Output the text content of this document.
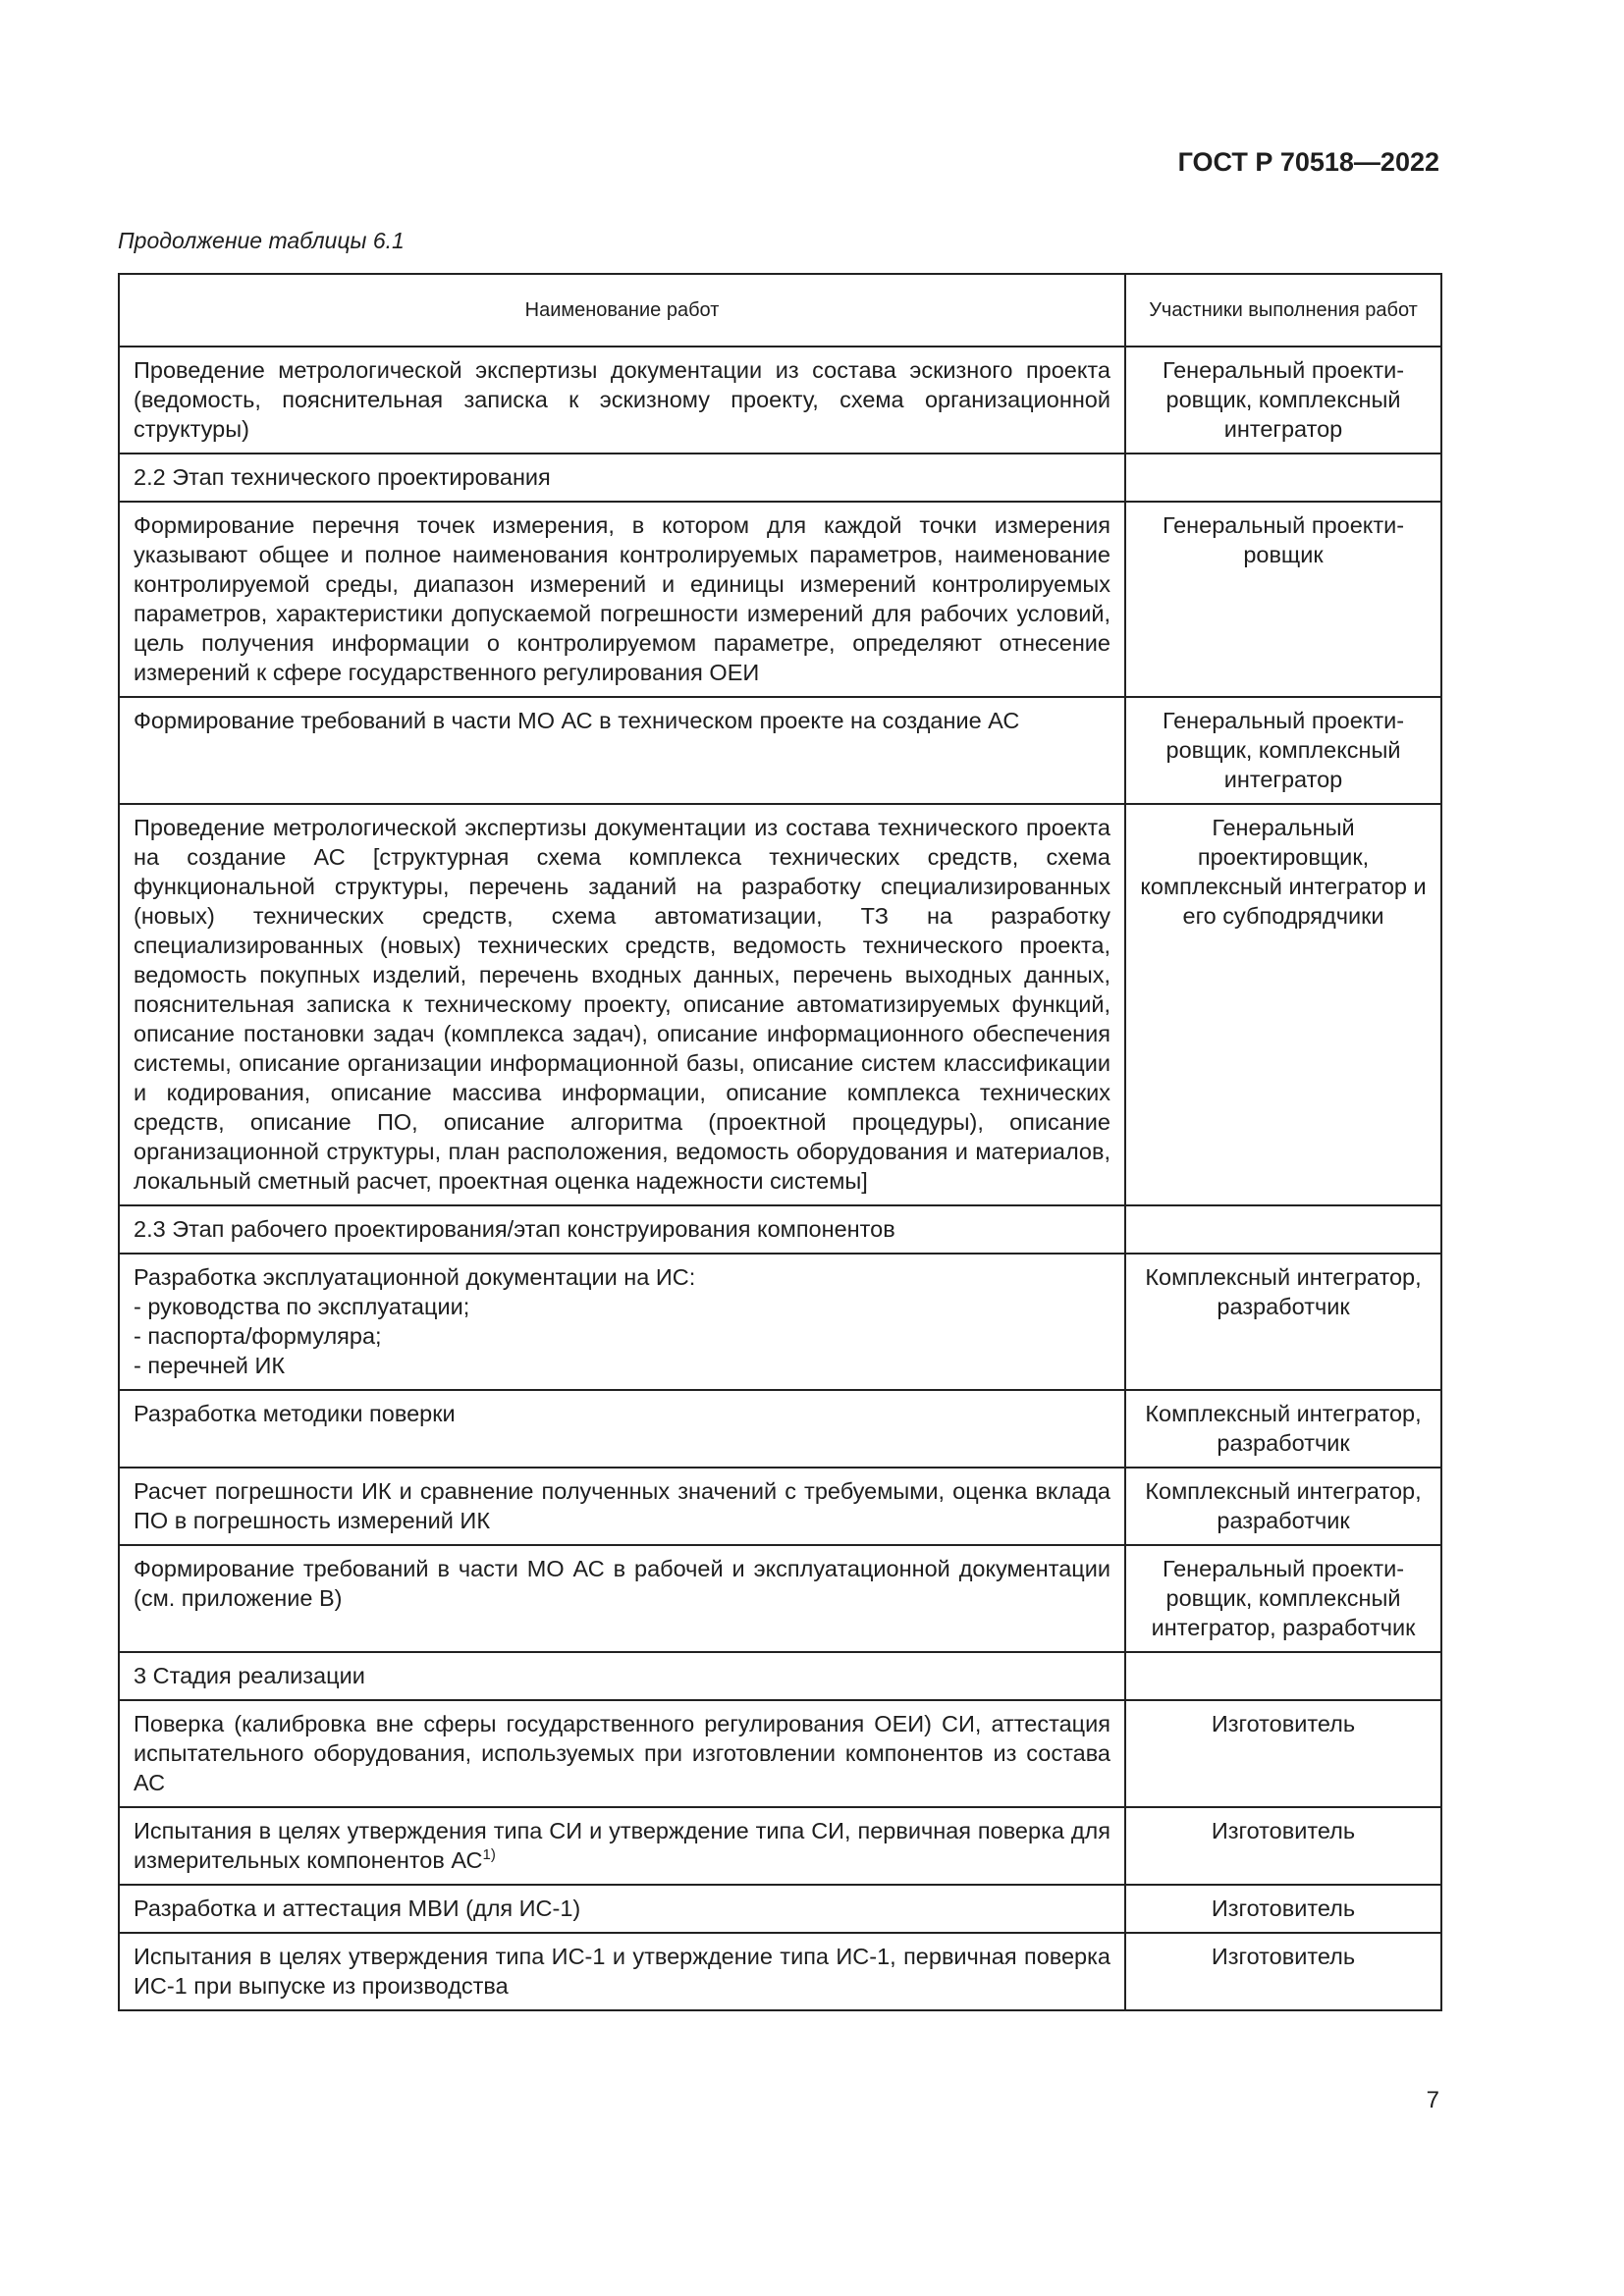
ГОСТ Р 70518—2022
Продолжение таблицы 6.1
Наименование работ	Участники выполнения работ
Проведение метрологической экспертизы документации из состава эскизного проекта (ведомость, пояснительная записка к эскизному проекту, схема организационной структуры)	Генеральный проекти-ровщик, комплексный интегратор
2.2 Этап технического проектирования	
Формирование перечня точек измерения, в котором для каждой точки измерения указывают общее и полное наименования контролируемых параметров, наименование контролируемой среды, диапазон измерений и единицы измерений контролируемых параметров, характеристики допускаемой погрешности измерений для рабочих условий, цель получения информации о контролируемом параметре, определяют отнесение измерений к сфере государственного регулирования ОЕИ	Генеральный проекти-ровщик
Формирование требований в части МО АС в техническом проекте на создание АС	Генеральный проекти-ровщик, комплексный интегратор
Проведение метрологической экспертизы документации из состава технического проекта на создание АС [структурная схема комплекса технических средств, схема функциональной структуры, перечень заданий на разработку специализированных (новых) технических средств, схема автоматизации, ТЗ на разработку специализированных (новых) технических средств, ведомость технического проекта, ведомость покупных изделий, перечень входных данных, перечень выходных данных, пояснительная записка к техническому проекту, описание автоматизируемых функций, описание постановки задач (комплекса задач), описание информационного обеспечения системы, описание организации информационной базы, описание систем классификации и кодирования, описание массива информации, описание комплекса технических средств, описание ПО, описание алгоритма (проектной процедуры), описание организационной структуры, план расположения, ведомость оборудования и материалов, локальный сметный расчет, проектная оценка надежности системы]	Генеральный проектировщик, комплексный интегратор и его субподрядчики
2.3 Этап рабочего проектирования/этап конструирования компонентов	

Разработка эксплуатационной документации на ИС:
- руководства по эксплуатации;
- паспорта/формуляра;
- перечней ИК	Комплексный интегратор, разработчик
Разработка методики поверки	Комплексный интегратор, разработчик
Расчет погрешности ИК и сравнение полученных значений с требуемыми, оценка вклада ПО в погрешность измерений ИК	Комплексный интегратор, разработчик
Формирование требований в части МО АС в рабочей и эксплуатационной документации (см. приложение В)	Генеральный проекти-ровщик, комплексный интегратор, разработчик
3 Стадия реализации	
Поверка (калибровка вне сферы государственного регулирования ОЕИ) СИ, аттестация испытательного оборудования, используемых при изготовлении компонентов из состава АС	Изготовитель
Испытания в целях утверждения типа СИ и утверждение типа СИ, первичная поверка для измерительных компонентов АС$^{1)}$	Изготовитель
Разработка и аттестация МВИ (для ИС-1)	Изготовитель
Испытания в целях утверждения типа ИС-1 и утверждение типа ИС-1, первичная поверка ИС-1 при выпуске из производства	Изготовитель
7
